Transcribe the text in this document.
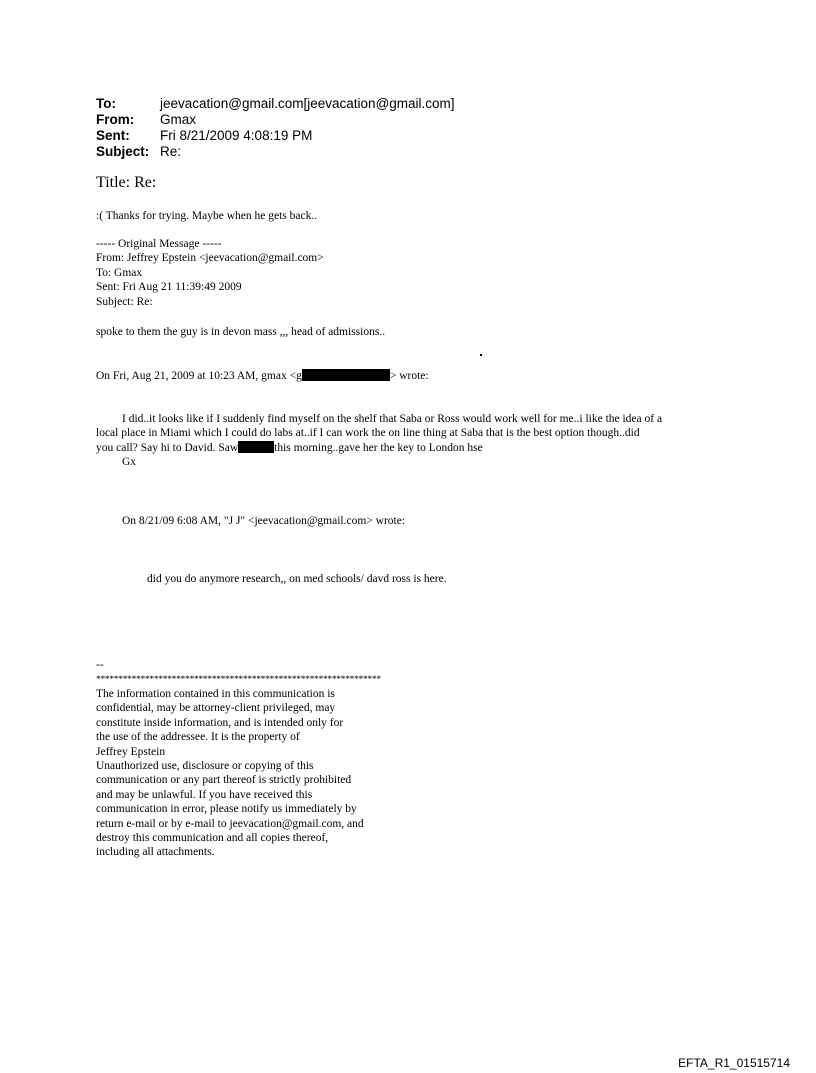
To:	jeevacation@gmail.com[jeevacation@gmail.com]
From: Gmax
Sent: Fri 8/21/2009 4:08:19 PM
Subject: Re:
Title: Re:
:( Thanks for trying. Maybe when he gets back..
----- Original Message -----
From: Jeffrey Epstein <jeevacation@gmail.com>
To: Gmax
Sent: Fri Aug 21 11:39:49 2009
Subject: Re:
spoke to them the guy is in devon mass ,,, head of admissions..
On Fri, Aug 21, 2009 at 10:23 AM, gmax <g	> wrote:
I did..it looks like if I suddenly find myself on the shelf that Saba or Ross would work well for me..i like the idea of a
local place in Miami which I could do labs at..if I can work the on line thing at Saba that is the best option though..did
you call? Say hi to David. Saw	this morning..gave her the key to London hse
Gx
On 8/21/09 6:08 AM, "J J" <jeevacation@gmail.com> wrote:
did you do anymore research,, on med schools/ davd ross is here.
--
****************************************************************
The information contained in this communication is
confidential, may be attorney-client privileged, may
constitute inside information, and is intended only for
the use of the addressee. It is the property of
Jeffrey Epstein
Unauthorized use, disclosure or copying of this
communication or any part thereof is strictly prohibited
and may be unlawful. If you have received this
communication in error, please notify us immediately by
return e-mail or by e-mail to jeevacation@gmail.com, and
destroy this communication and all copies thereof,
including all attachments.
EFTA_R1_01515714
